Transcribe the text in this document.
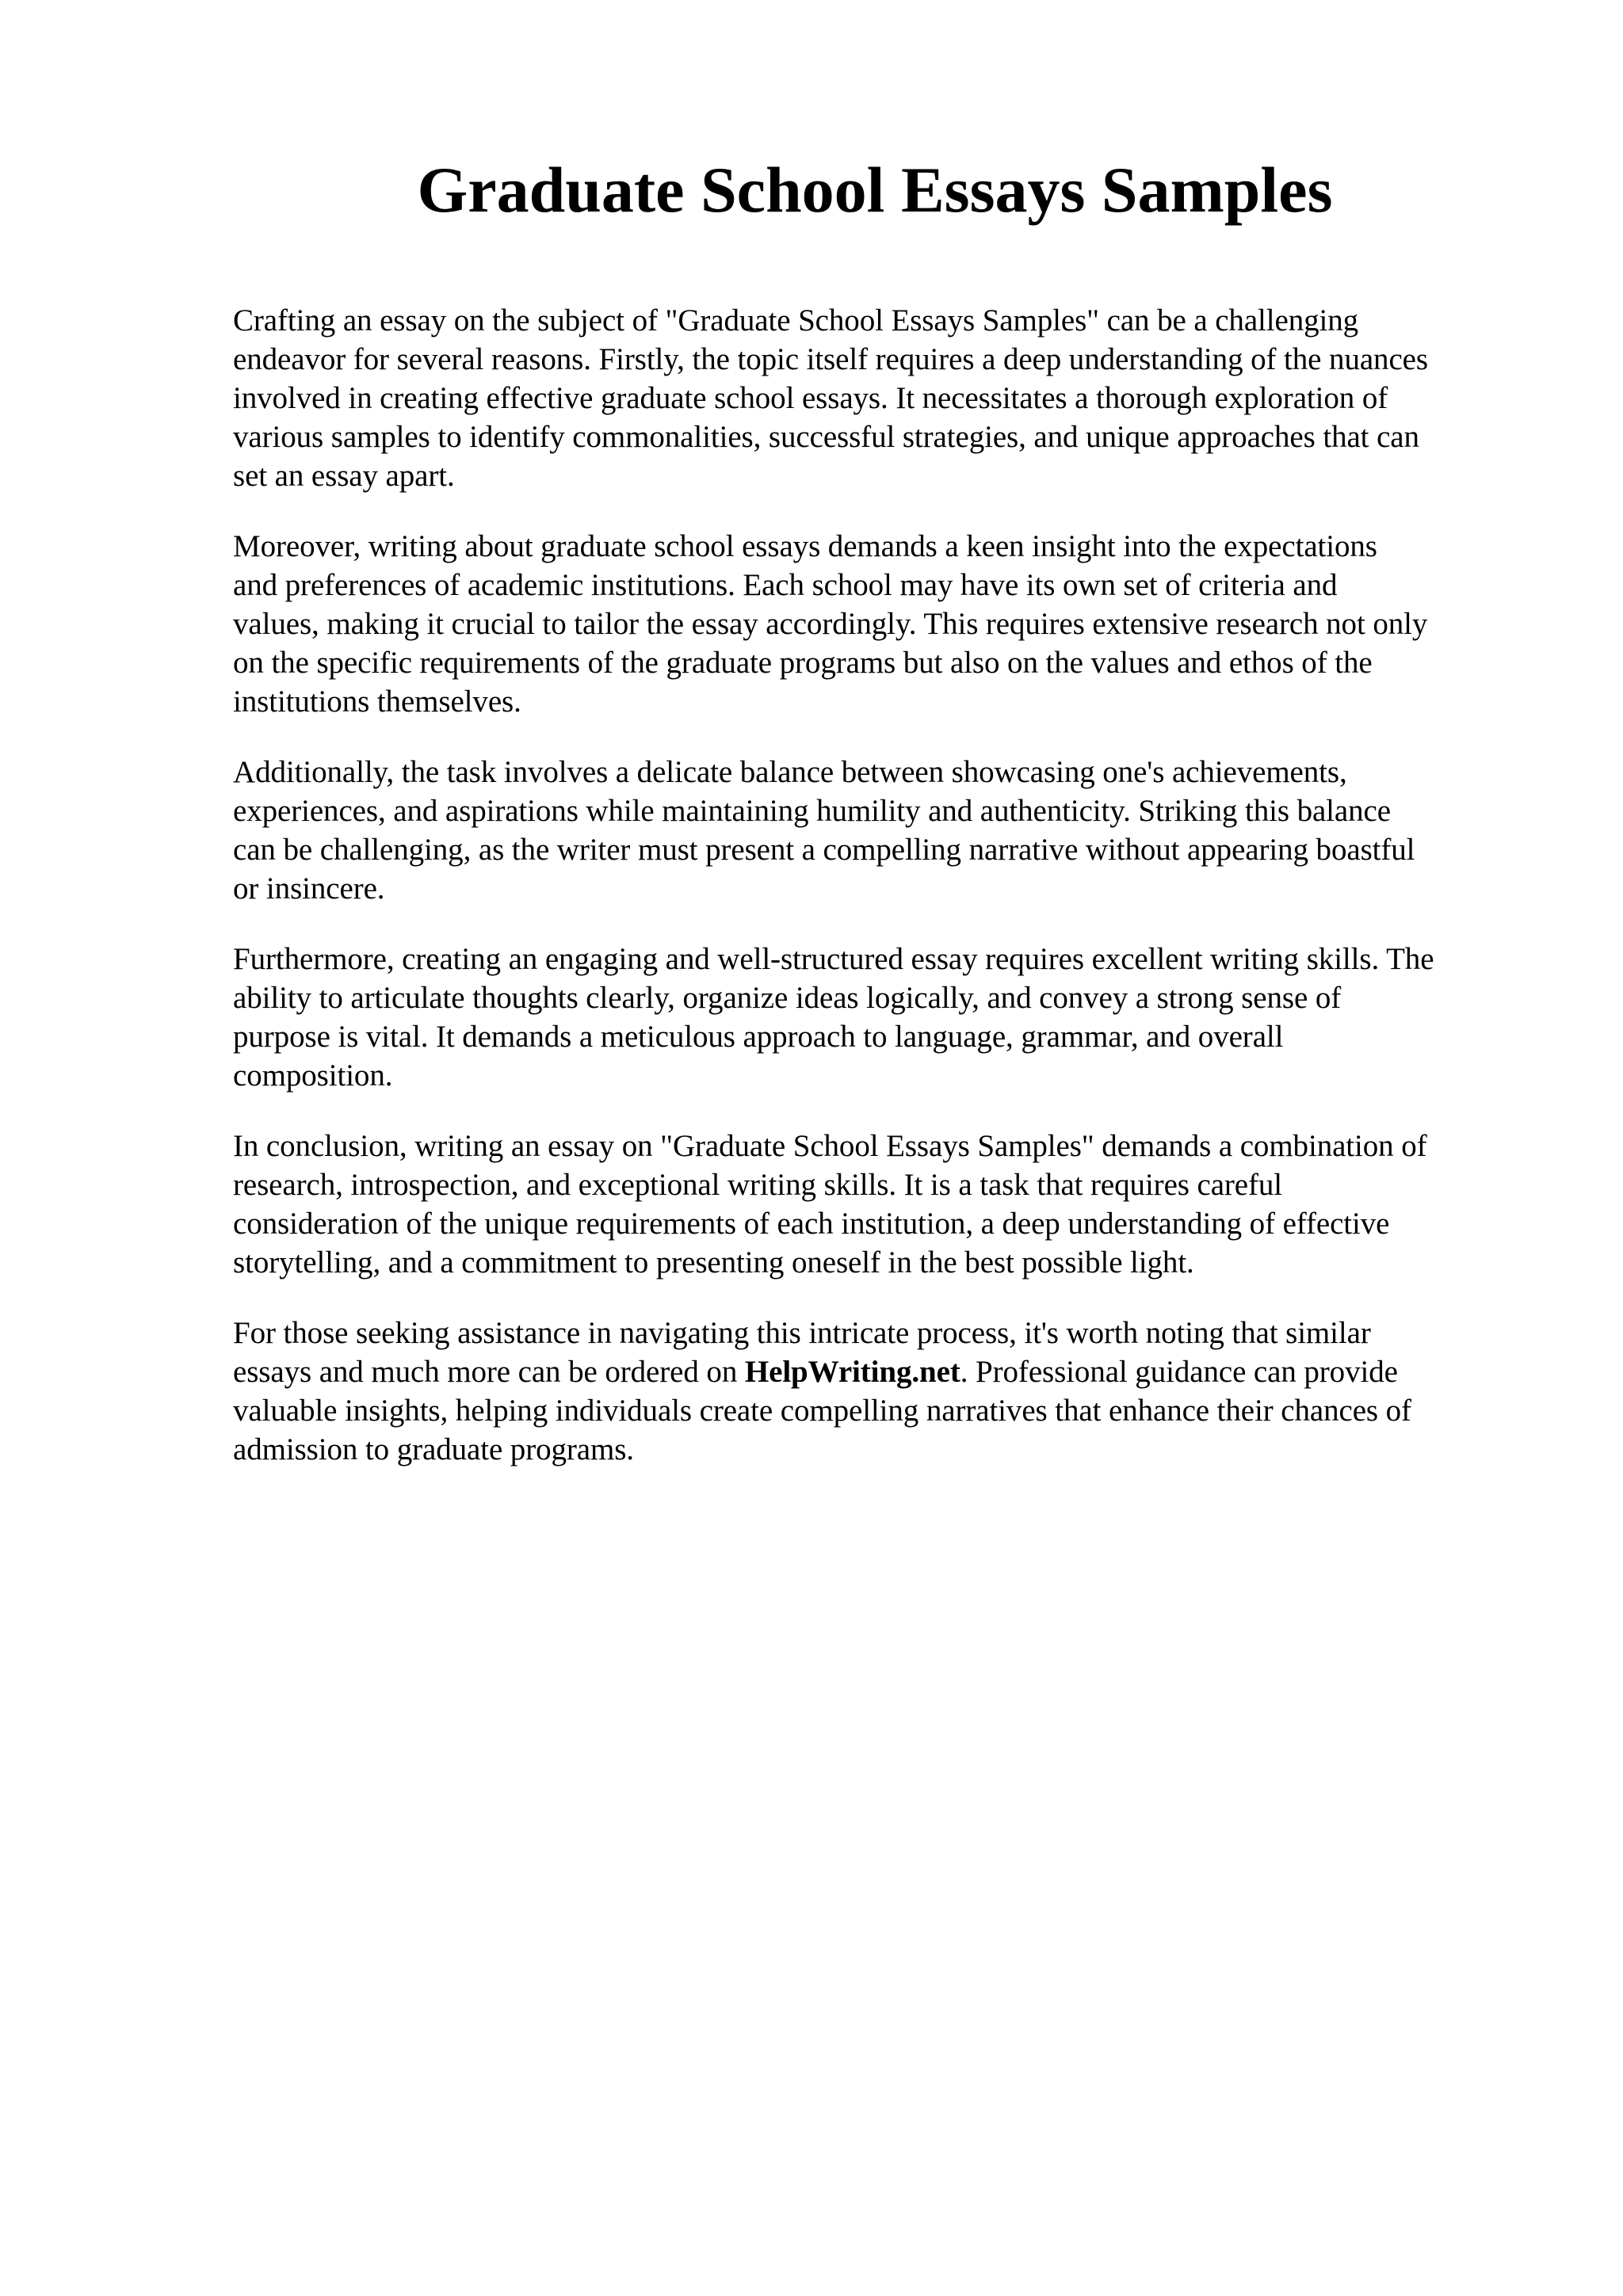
Graduate School Essays Samples

Crafting an essay on the subject of "Graduate School Essays Samples" can be a challenging
endeavor for several reasons. Firstly, the topic itself requires a deep understanding of the nuances
involved in creating effective graduate school essays. It necessitates a thorough exploration of
various samples to identify commonalities, successful strategies, and unique approaches that can
set an essay apart.

Moreover, writing about graduate school essays demands a keen insight into the expectations
and preferences of academic institutions. Each school may have its own set of criteria and
values, making it crucial to tailor the essay accordingly. This requires extensive research not only
on the specific requirements of the graduate programs but also on the values and ethos of the
institutions themselves.

Additionally, the task involves a delicate balance between showcasing one's achievements,
experiences, and aspirations while maintaining humility and authenticity. Striking this balance
can be challenging, as the writer must present a compelling narrative without appearing boastful
or insincere.

Furthermore, creating an engaging and well-structured essay requires excellent writing skills. The
ability to articulate thoughts clearly, organize ideas logically, and convey a strong sense of
purpose is vital. It demands a meticulous approach to language, grammar, and overall
composition.

In conclusion, writing an essay on "Graduate School Essays Samples" demands a combination of
research, introspection, and exceptional writing skills. It is a task that requires careful
consideration of the unique requirements of each institution, a deep understanding of effective
storytelling, and a commitment to presenting oneself in the best possible light.

For those seeking assistance in navigating this intricate process, it's worth noting that similar
essays and much more can be ordered on HelpWriting.net. Professional guidance can provide
valuable insights, helping individuals create compelling narratives that enhance their chances of
admission to graduate programs.
